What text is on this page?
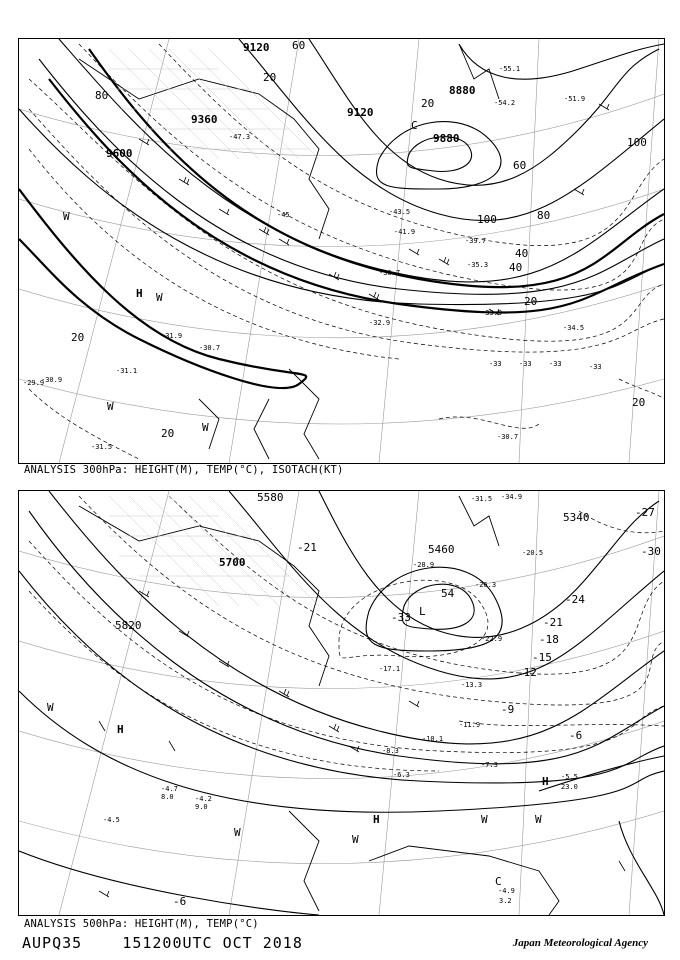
9120
9360
9600
9120
8880
9880
60
20
80
20
40
100
60
80
40
20
100
20
20
20
-55.1
-54.2	-51.9
-47.3
-45	-43.5
-41.9
-39.7
-36.7
-35.3
-33.9
-32.9
-34.5
-31.1
-30.7
-31.5
-30.9
-29.9
-31.9
-30.7
-33 -33 -33	-33
H W
W
W
W
C
ANALYSIS 300hPa: HEIGHT(M), TEMP(°C), ISOTACH(KT)
5580
5700
5820
5460
5340
54
-21
-27
-30
-24
-21
-18
-15
-12
-9
-6
-33
-6
-31.5 -34.9
-28.9
-17.1
-13.3
-11.9
-10.1
-8.3
-6.3
-7.3
-5.5
-4.9
-4.7
-4.2
-4.5
-20.5
-22.9
-26.3
23.0
3.2
8.0
9.0
H
H
H
W
W
W
W	W
C
L
ANALYSIS 500hPa: HEIGHT(M), TEMP(°C)
AUPQ35	151200UTC OCT 2018	Japan Meteorological Agency
